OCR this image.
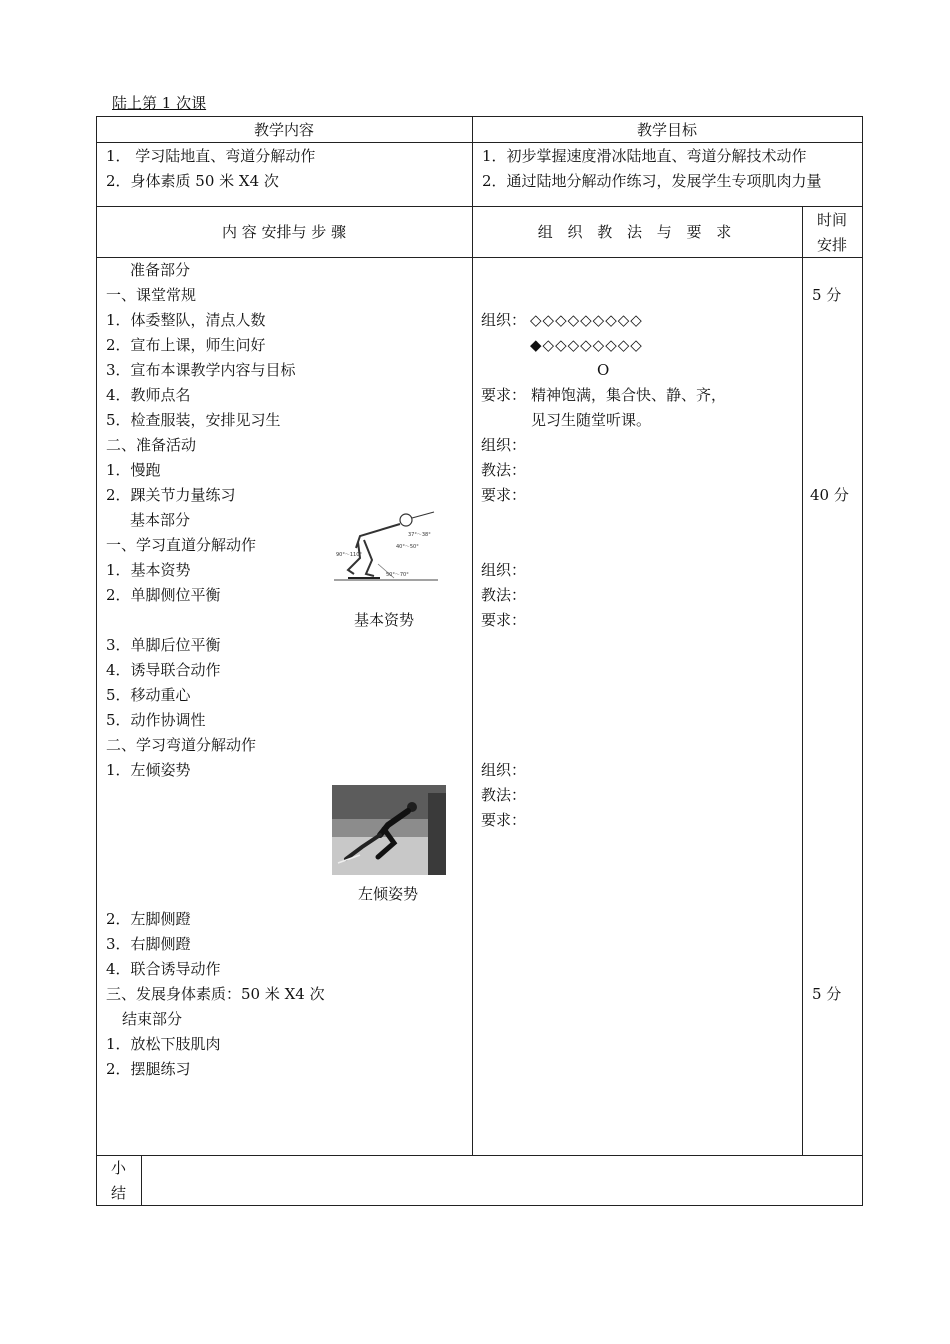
陆上第 1 次课
教学内容	教学目标
1． 学习陆地直、弯道分解动作
2．身体素质 50 米 X4 次
1．初步掌握速度滑冰陆地直、弯道分解技术动作
2．通过陆地分解动作练习，发展学生专项肌肉力量
内 容 安排与 步 骤	组 织 教 法 与 要 求
时间
安排
准备部分
一、课堂常规
1．体委整队，清点人数
2．宣布上课，师生问好
3．宣布本课教学内容与目标
4．教师点名
5．检查服装，安排见习生
二、准备活动
1．慢跑
2．踝关节力量练习
基本部分
一、学习直道分解动作
1．基本资势
2．单脚侧位平衡
3．单脚后位平衡
4．诱导联合动作
5．移动重心
5．动作协调性
二、学习弯道分解动作
1．左倾姿势
2．左脚侧蹬
3．右脚侧蹬
4．联合诱导动作
三、发展身体素质：50 米 X4 次
结束部分
1．放松下肢肌肉
2．摆腿练习
37°～38°
40°～50°
90°～110°
50°～70°
基本资势
左倾姿势
组织： ◇◇◇◇◇◇◇◇◇
◆◇◇◇◇◇◇◇◇
O
要求： 精神饱满，集合快、静、齐，
见习生随堂听课。
组织：
教法：
要求：
组织：
教法：
要求：
组织：
教法：
要求：
5 分
40 分
5 分
小
结
